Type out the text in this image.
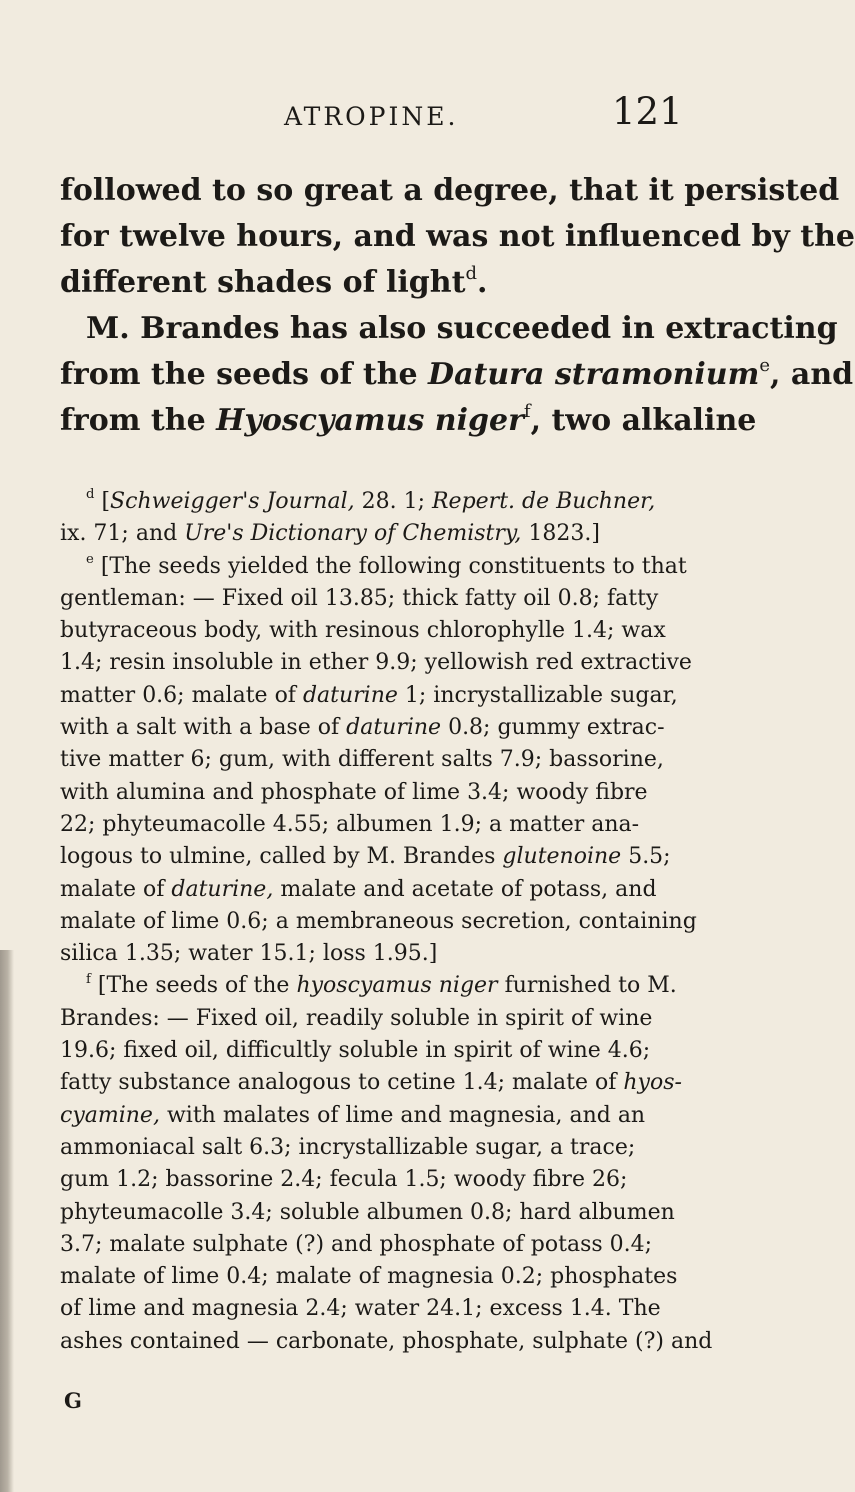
ATROPINE.	121
followed to so great a degree, that it persisted
for twelve hours, and was not influenced by the
different shades of light$^d$.
M. Brandes has also succeeded in extracting
from the seeds of the Datura stramonium$^e$, and
from the Hyoscyamus niger$^f$, two alkaline
$^d$ [Schweigger's Journal, 28. 1; Repert. de Buchner,
ix. 71; and Ure's Dictionary of Chemistry, 1823.]
$^e$ [The seeds yielded the following constituents to that
gentleman: — Fixed oil 13.85; thick fatty oil 0.8; fatty
butyraceous body, with resinous chlorophylle 1.4; wax
1.4; resin insoluble in ether 9.9; yellowish red extractive
matter 0.6; malate of daturine 1; incrystallizable sugar,
with a salt with a base of daturine 0.8; gummy extrac-
tive matter 6; gum, with different salts 7.9; bassorine,
with alumina and phosphate of lime 3.4; woody fibre
22; phyteumacolle 4.55; albumen 1.9; a matter ana-
logous to ulmine, called by M. Brandes glutenoine 5.5;
malate of daturine, malate and acetate of potass, and
malate of lime 0.6; a membraneous secretion, containing
silica 1.35; water 15.1; loss 1.95.]
$^f$ [The seeds of the hyoscyamus niger furnished to M.
Brandes: — Fixed oil, readily soluble in spirit of wine
19.6; fixed oil, difficultly soluble in spirit of wine 4.6;
fatty substance analogous to cetine 1.4; malate of hyos-
cyamine, with malates of lime and magnesia, and an
ammoniacal salt 6.3; incrystallizable sugar, a trace;
gum 1.2; bassorine 2.4; fecula 1.5; woody fibre 26;
phyteumacolle 3.4; soluble albumen 0.8; hard albumen
3.7; malate sulphate (?) and phosphate of potass 0.4;
malate of lime 0.4; malate of magnesia 0.2; phosphates
of lime and magnesia 2.4; water 24.1; excess 1.4. The
ashes contained — carbonate, phosphate, sulphate (?) and
G
